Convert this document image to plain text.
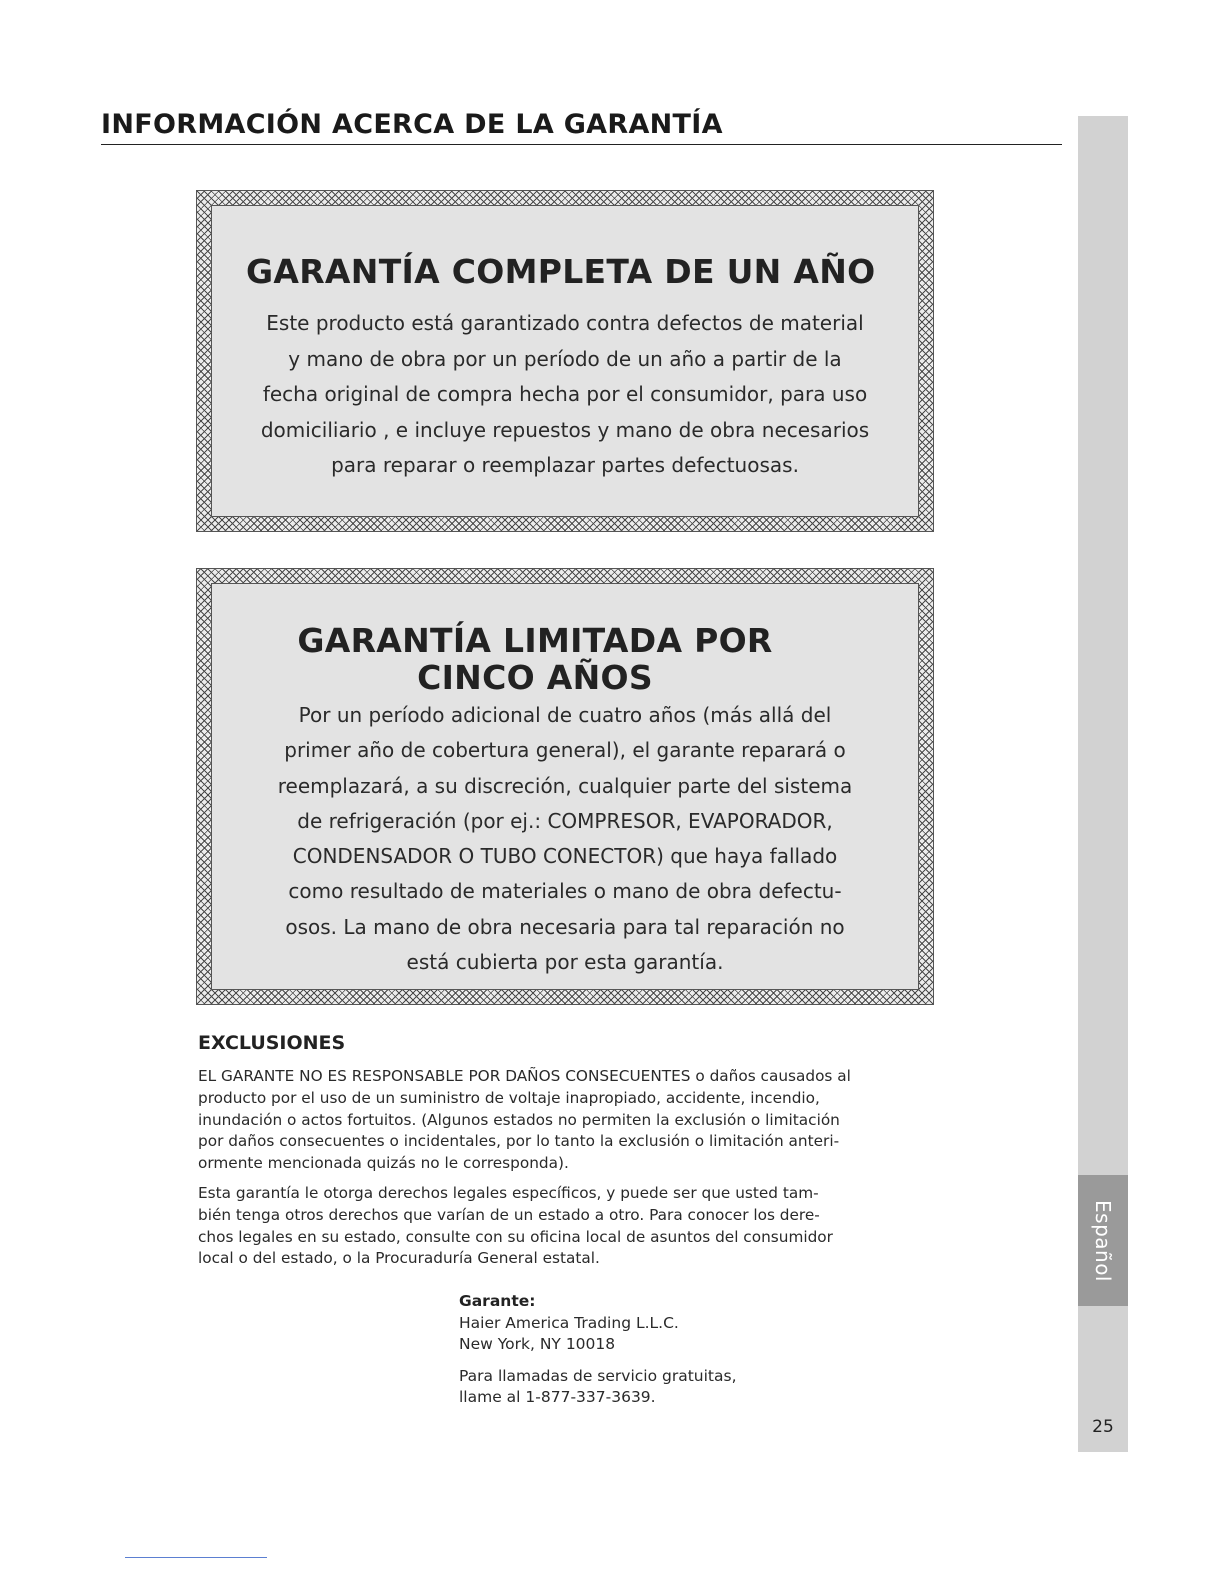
INFORMACIÓN ACERCA DE LA GARANTÍA
Español
25
GARANTÍA COMPLETA DE UN AÑO
Este producto está garantizado contra defectos de material
y mano de obra por un período de un año a partir de la
fecha original de compra hecha por el consumidor, para uso
domiciliario , e incluye repuestos y mano de obra necesarios
para reparar o reemplazar partes defectuosas.
GARANTÍA LIMITADA POR
CINCO AÑOS
Por un período adicional de cuatro años (más allá del
primer año de cobertura general), el garante reparará o
reemplazará, a su discreción, cualquier parte del sistema
de refrigeración (por ej.: COMPRESOR, EVAPORADOR,
CONDENSADOR O TUBO CONECTOR) que haya fallado
como resultado de materiales o mano de obra defectu-
osos. La mano de obra necesaria para tal reparación no
está cubierta por esta garantía.
EXCLUSIONES
EL GARANTE NO ES RESPONSABLE POR DAÑOS CONSECUENTES o daños causados al
producto por el uso de un suministro de voltaje inapropiado, accidente, incendio,
inundación o actos fortuitos. (Algunos estados no permiten la exclusión o limitación
por daños consecuentes o incidentales, por lo tanto la exclusión o limitación anteri-
ormente mencionada quizás no le corresponda).
Esta garantía le otorga derechos legales específicos, y puede ser que usted tam-
bién tenga otros derechos que varían de un estado a otro. Para conocer los dere-
chos legales en su estado, consulte con su oficina local de asuntos del consumidor
local o del estado, o la Procuraduría General estatal.
Garante:
Haier America Trading L.L.C.
New York, NY 10018
Para llamadas de servicio gratuitas,
llame al 1-877-337-3639.
